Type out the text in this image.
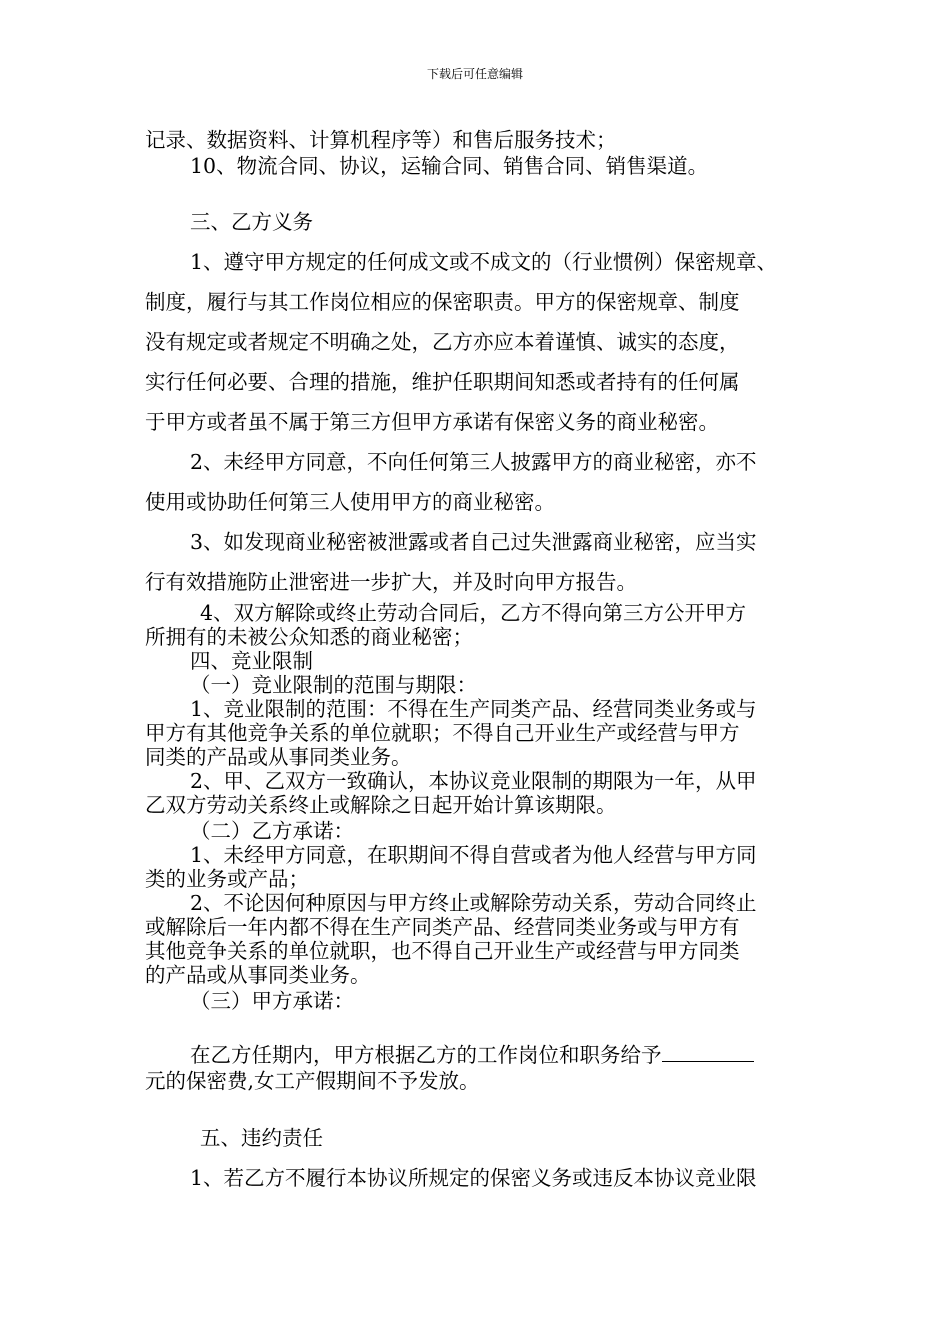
下载后可任意编辑

记录、数据资料、计算机程序等）和售后服务技术；

10、物流合同、协议，运输合同、销售合同、销售渠道。

三、乙方义务

1、遵守甲方规定的任何成文或不成文的（行业惯例）保密规章、

制度，履行与其工作岗位相应的保密职责。甲方的保密规章、制度

没有规定或者规定不明确之处，乙方亦应本着谨慎、诚实的态度，

实行任何必要、合理的措施，维护任职期间知悉或者持有的任何属

于甲方或者虽不属于第三方但甲方承诺有保密义务的商业秘密。

2、未经甲方同意，不向任何第三人披露甲方的商业秘密，亦不

使用或协助任何第三人使用甲方的商业秘密。

3、如发现商业秘密被泄露或者自己过失泄露商业秘密，应当实

行有效措施防止泄密进一步扩大，并及时向甲方报告。

4、双方解除或终止劳动合同后，乙方不得向第三方公开甲方

所拥有的未被公众知悉的商业秘密；

四、竞业限制

（一）竞业限制的范围与期限：

1、竞业限制的范围：不得在生产同类产品、经营同类业务或与

甲方有其他竞争关系的单位就职；不得自己开业生产或经营与甲方

同类的产品或从事同类业务。

2、甲、乙双方一致确认，本协议竞业限制的期限为一年，从甲

乙双方劳动关系终止或解除之日起开始计算该期限。

（二）乙方承诺：

1、未经甲方同意，在职期间不得自营或者为他人经营与甲方同

类的业务或产品；

2、不论因何种原因与甲方终止或解除劳动关系，劳动合同终止

或解除后一年内都不得在生产同类产品、经营同类业务或与甲方有

其他竞争关系的单位就职，也不得自己开业生产或经营与甲方同类

的产品或从事同类业务。

（三）甲方承诺：

在乙方任期内，甲方根据乙方的工作岗位和职务给予

元的保密费,女工产假期间不予发放。

五、违约责任

1、若乙方不履行本协议所规定的保密义务或违反本协议竞业限
